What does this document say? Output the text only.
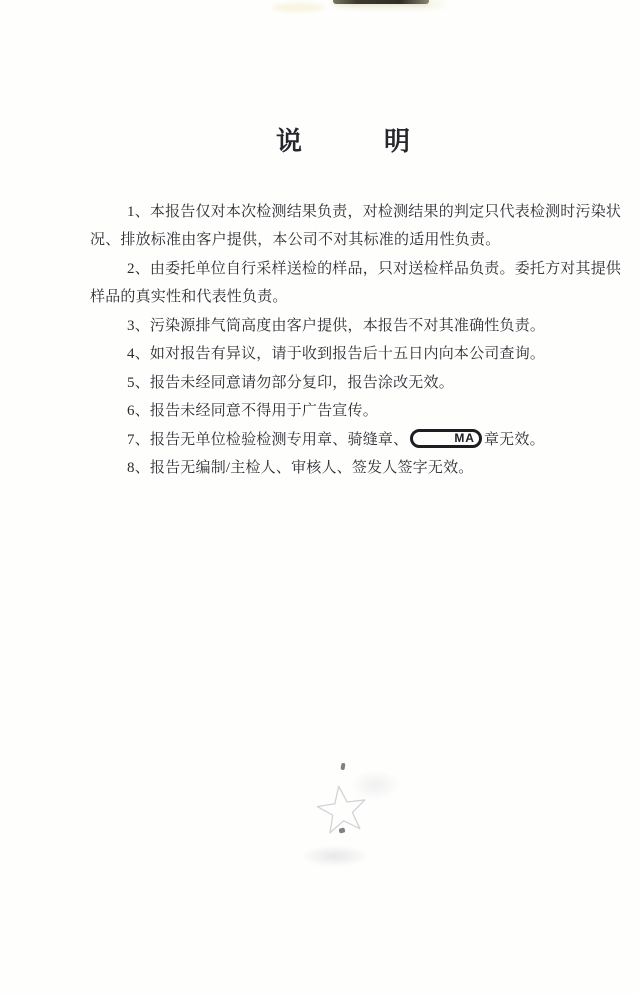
说　　　明
1、本报告仅对本次检测结果负责，对检测结果的判定只代表检测时污染状
况、排放标准由客户提供，本公司不对其标准的适用性负责。
2、由委托单位自行采样送检的样品，只对送检样品负责。委托方对其提供
样品的真实性和代表性负责。
3、污染源排气筒高度由客户提供，本报告不对其准确性负责。
4、如对报告有异议，请于收到报告后十五日内向本公司查询。
5、报告未经同意请勿部分复印，报告涂改无效。
6、报告未经同意不得用于广告宣传。
7、报告无单位检验检测专用章、骑缝章、	MA 章无效。
8、报告无编制/主检人、审核人、签发人签字无效。
